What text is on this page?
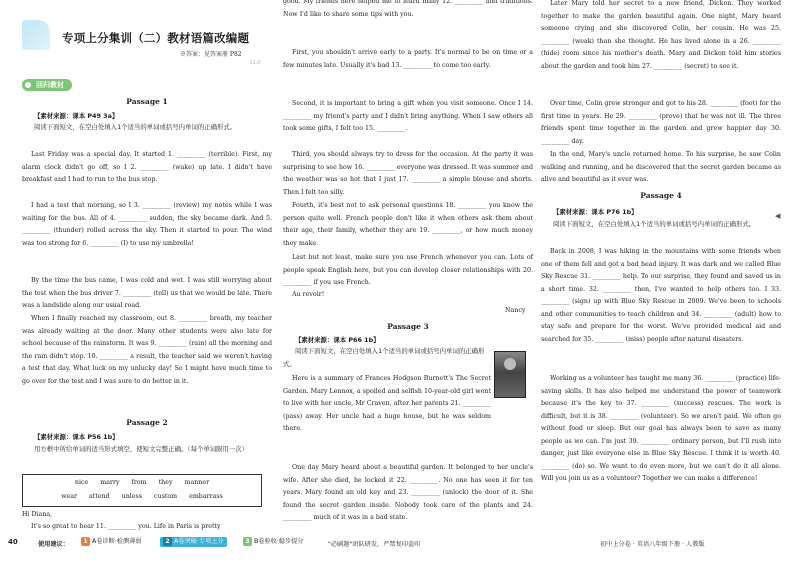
专项上分集训（二）教材语篇改编题
※答案：见答案册 P82
LL0
回归教材
Passage 1
【素材来源：课本 P49 3a】
阅读下面短文，在空白处填入1个适当的单词或括号内单词的正确形式。
Last Friday was a special day. It started 1. _________ (terrible). First, my alarm clock didn't go off, so I 2. _________ (wake) up late. I didn't have breakfast and I had to run to the bus stop.
I had a test that morning, so I 3. _________ (review) my notes while I was waiting for the bus. All of 4. _________ sudden, the sky became dark. And 5. _________ (thunder) rolled across the sky. Then it started to pour. The wind was too strong for 6. _________ (I) to use my umbrella!
By the time the bus came, I was cold and wet. I was still worrying about the test when the bus driver 7. _________ (tell) us that we would be late. There was a landslide along our usual road.
When I finally reached my classroom, out 8. _________ breath, my teacher was already waiting at the door. Many other students were also late for school because of the rainstorm. It was 9. _________ (rain) all the morning and the rain didn't stop. 10. _________ a result, the teacher said we weren't having a test that day. What luck on my unlucky day! So I might have much time to go over for the test and I was sure to do better in it.
Passage 2
【素材来源：课本 P56 1b】
用方框中所给单词的适当形式填空，使短文完整正确。（每个单词限用一次）
nice marry from they manner
wear attend unless custom embarrass
Hi Diana,
It's so great to hear 11. _________ you. Life in Paris is pretty
good. My friends here helped me to learn many 12. _________ and traditions. Now I'd like to share some tips with you.
First, you shouldn't arrive early to a party. It's normal to be on time or a few minutes late. Usually it's bad 13. _________ to come too early.
Second, it is important to bring a gift when you visit someone. Once I 14. _________ my friend's party and I didn't bring anything. When I saw others all took some gifts, I felt too 15. _________.
Third, you should always try to dress for the occasion. At the party it was surprising to see how 16. _________ everyone was dressed. It was summer and the weather was so hot that I just 17. _________ a simple blouse and shorts. Then I felt too silly.
Fourth, it's best not to ask personal questions 18. _________ you know the person quite well. French people don't like it when others ask them about their age, their family, whether they are 19. _________, or how much money they make.
Last but not least, make sure you use French whenever you can. Lots of people speak English here, but you can develop closer relationships with 20. _________ if you use French.
Au revoir!
Nancy
Passage 3
【素材来源：课本 P66 1b】
阅读下面短文，在空白处填入1个适当的单词或括号内单词的正确形式。
Here is a summary of Frances Hodgson Burnett's The Secret Garden. Mary Lennox, a spoiled and selfish 10-year-old girl went to live with her uncle, Mr Craven, after her parents 21. _________ (pass) away. Her uncle had a huge house, but he was seldom there.
One day Mary heard about a beautiful garden. It belonged to her uncle's wife. After she died, he locked it 22. _________. No one has seen it for ten years. Mary found an old key and 23. _________ (unlock) the door of it. She found the secret garden inside. Nobody took care of the plants and 24. _________ much of it was in a bad state.
Later Mary told her secret to a new friend, Dickon. They worked together to make the garden beautiful again. One night, Mary heard someone crying and she discovered Colin, her cousin. He was 25. _________ (weak) than she thought. He has lived alone in a 26. _________ (hide) room since his mother's death. Mary and Dickon told him stories about the garden and took him 27. _________ (secret) to see it.
Over time, Colin grew stronger and got to his 28. _________ (foot) for the first time in years. He 29. _________ (prove) that he was not ill. The three friends spent time together in the garden and grew happier day 30. _________ day.
In the end, Mary's uncle returned home. To his surprise, he saw Colin walking and running, and he discovered that the secret garden became as alive and beautiful as it ever was.
Passage 4
【素材来源：课本 P76 1b】
阅读下面短文，在空白处填入1个适当的单词或括号内单词的正确形式。
Back in 2008, I was hiking in the mountains with some friends when one of them fell and got a bad head injury. It was dark and we called Blue Sky Rescue 31. _________ help. To our surprise, they found and saved us in a short time. 32. _________ then, I've wanted to help others too. I 33. _________ (sign) up with Blue Sky Rescue in 2009. We've been to schools and other communities to teach children and 34. _________ (adult) how to stay safe and prepare for the worst. We've provided medical aid and searched for 35. _________ (miss) people after natural disasters.
Working as a volunteer has taught me many 36. _________ (practice) life-saving skills. It has also helped me understand the power of teamwork because it's the key to 37. _________ (success) rescues. The work is difficult, but it is 38. _________ (volunteer). So we aren't paid. We often go without food or sleep. But our goal has always been to save as many people as we can. I'm just 39. _________ ordinary person, but I'll rush into danger, just like everyone else in Blue Sky Rescue. I think it is worth 40. _________ (do) so. We want to do even more, but we can't do it all alone. Will you join us as a volunteer? Together we can make a difference!
◀
40	使用建议：	1 A卷诊断·检测薄弱	2 A卷突破·专项上分	3 B卷验收·稳步提分	"必刷题"团队研发，严禁复印盗印	初中上分卷 · 英语八年级下册 · 人教版
